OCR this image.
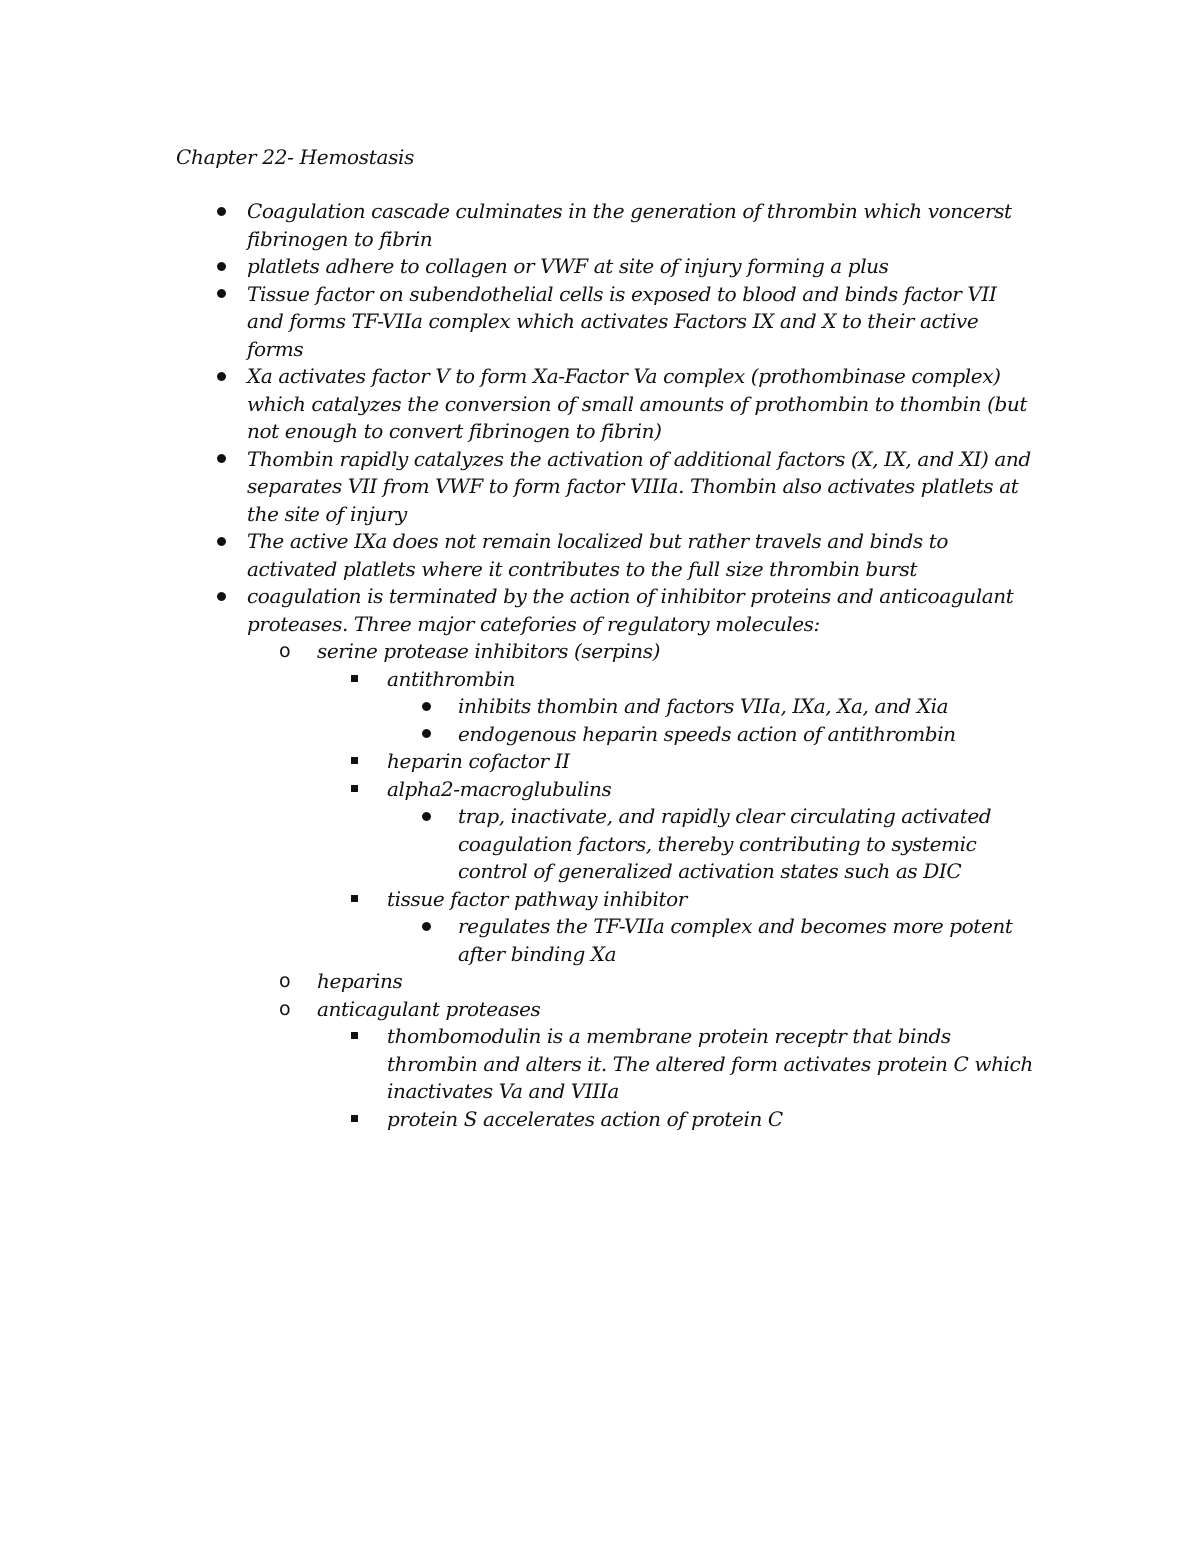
Chapter 22- Hemostasis
Coagulation cascade culminates in the generation of thrombin which voncerst fibrinogen to fibrin
platlets adhere to collagen or VWF at site of injury forming a plus
Tissue factor on subendothelial cells is exposed to blood and binds factor VII and forms TF-VIIa complex which activates Factors IX and X to their active forms
Xa activates factor V to form Xa-Factor Va complex (prothombinase complex) which catalyzes the conversion of small amounts of prothombin to thombin (but not enough to convert fibrinogen to fibrin)
Thombin rapidly catalyzes the activation of additional factors (X, IX, and XI) and separates VII from VWF to form factor VIIIa. Thombin also activates platlets at the site of injury
The active IXa does not remain localized but rather travels and binds to activated platlets where it contributes to the full size thrombin burst
coagulation is terminated by the action of inhibitor proteins and anticoagulant proteases. Three major catefories of regulatory molecules:
o serine protease inhibitors (serpins)
antithrombin
inhibits thombin and factors VIIa, IXa, Xa, and Xia
endogenous heparin speeds action of antithrombin
heparin cofactor II
alpha2-macroglubulins
trap, inactivate, and rapidly clear circulating activated coagulation factors, thereby contributing to systemic control of generalized activation states such as DIC
tissue factor pathway inhibitor
regulates the TF-VIIa complex and becomes more potent after binding Xa
o heparins
o anticagulant proteases
thombomodulin is a membrane protein receptr that binds thrombin and alters it. The altered form activates protein C which inactivates Va and VIIIa
protein S accelerates action of protein C
